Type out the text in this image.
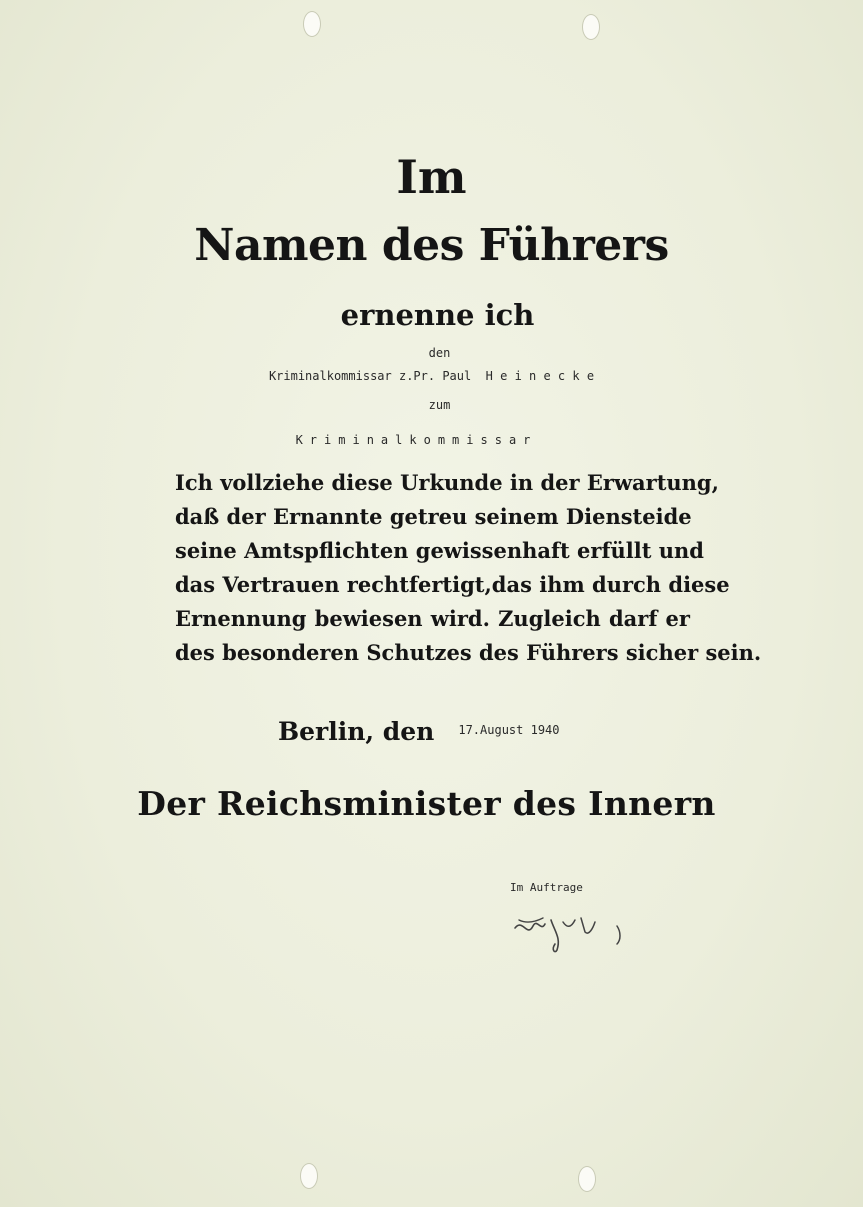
Im
Namen des Führers
ernenne ich
den
Kriminalkommissar z.Pr. Paul  H e i n e c k e
zum
Kriminalkommissar
Ich vollziehe diese Urkunde in der Erwartung,
daß der Ernannte getreu seinem Diensteide
seine Amtspflichten gewissenhaft erfüllt und
das Vertrauen rechtfertigt,das ihm durch diese
Ernennung bewiesen wird. Zugleich darf er
des besonderen Schutzes des Führers sicher sein.
Berlin, den $^{17.August 1940}$
Der Reichsminister des Innern
Im Auftrage
